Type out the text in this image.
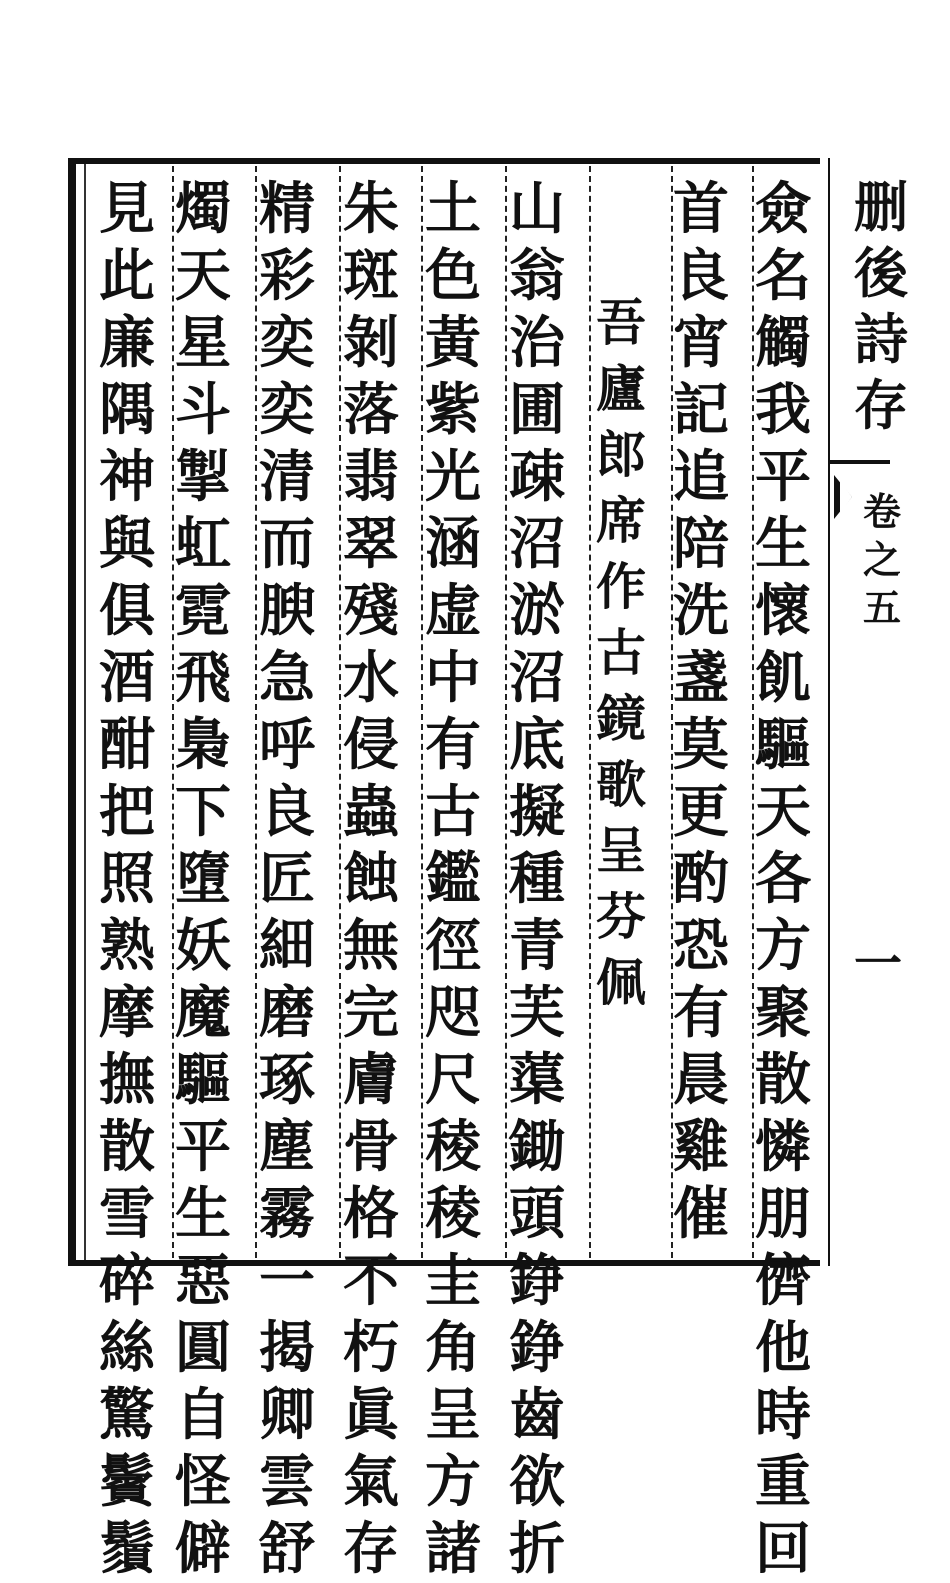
僉
名
觸
我
平
生
懷
飢
驅
天
各
方
聚
散
憐
朋
儕
他
時
重
回
首
良
宵
記
追
陪
洗
盞
莫
更
酌
恐
有
晨
雞
催
吾
廬
郎
席
作
古
鏡
歌
呈
芬
佩
山
翁
治
圃
疎
沼
淤
沼
底
擬
種
青
芙
蕖
鋤
頭
錚
錚
齒
欲
折
土
色
黃
紫
光
涵
虚
中
有
古
鑑
徑
咫
尺
稜
稜
圭
角
呈
方
諸
朱
斑
剝
落
翡
翠
殘
水
侵
蟲
蝕
無
完
膚
骨
格
不
朽
眞
氣
存
精
彩
奕
奕
清
而
腴
急
呼
良
匠
細
磨
琢
塵
霧
一
揭
卿
雲
舒
燭
天
星
斗
掣
虹
霓
飛
梟
下
墮
妖
魔
驅
平
生
惡
圓
自
怪
僻
見
此
廉
隅
神
與
俱
酒
酣
把
照
熟
摩
撫
散
雪
碎
絲
驚
鬢
鬚
删
後
詩
存
卷
之
五
一
